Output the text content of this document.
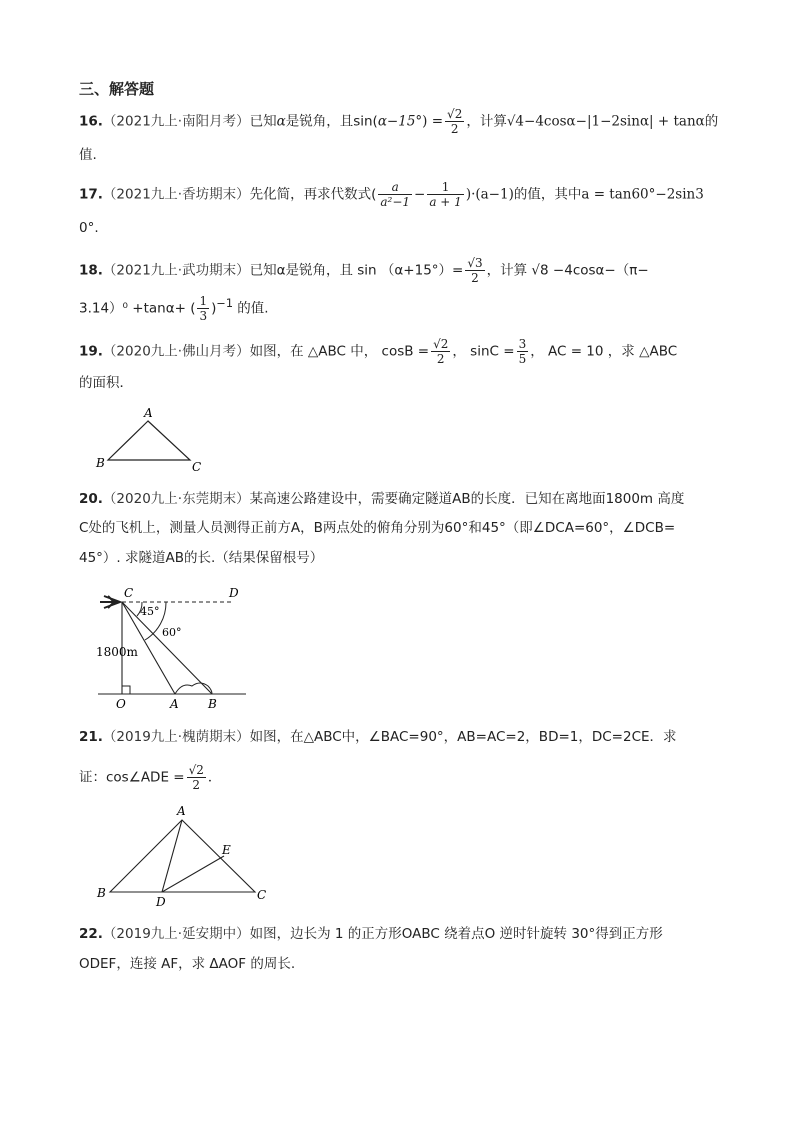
三、解答题
16.（2021九上·南阳月考）已知α是锐角，且$\sin(\alpha-15^\circ) = \frac{√2}{2}$ ，计算√4−4cosα−|1−2sinα| + tanα的
值.
17.（2021九上·香坊期末）先化简，再求代数式( $\frac{a}{\text{a²−1}} - \frac{1}{a + 1} )\cdot(a-1)$的值，其中a = tan60°−2sin3
0°.
18.（2021九上·武功期末）已知α是锐角，且 $\sin (\alpha+15^\circ)= \frac{√3}{2}$ ，计算 √8 −4cosα−（π−
3.14）⁰ +tanα+ ( $\frac{1}{3} )^{-1}$ 的值.
19.（2020九上·佛山月考）如图，在 △ABC 中， $\cos B = \frac{√2}{2}$ ， $\sin C = \frac{3}{5}$ ， AC = 10 ，求 △ABC
的面积．
A
B	C
20.（2020九上·东莞期末）某高速公路建设中，需要确定隧道AB的长度．已知在离地面1800m 高度
C处的飞机上，测量人员测得正前方A，B两点处的俯角分别为60°和45°（即∠DCA=60°，∠DCB=
45°）. 求隧道AB的长.（结果保留根号）
C	D
45°
60°
1800m
O	A B
21.（2019九上·槐荫期末）如图，在△ABC中，∠BAC=90°，AB=AC=2，BD=1，DC=2CE．求
证：cos∠ADE = $\frac{√2}{2}$ ．
A
B	C
D
E
22.（2019九上·延安期中）如图，边长为 1 的正方形OABC 绕着点O 逆时针旋转 30°得到正方形
ODEF，连接 AF，求 ΔAOF 的周长.
